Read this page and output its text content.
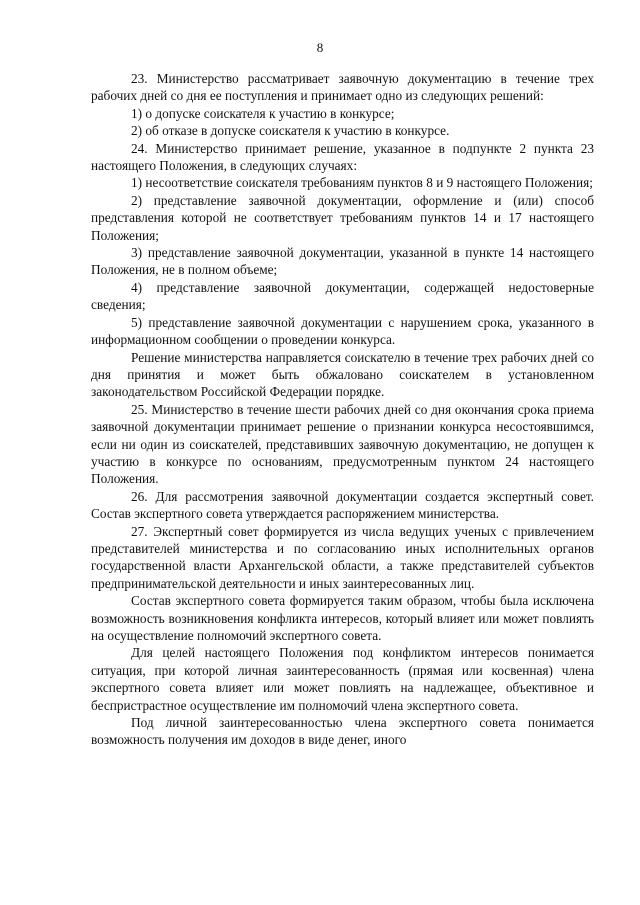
8

23. Министерство рассматривает заявочную документацию в течение трех рабочих дней со дня ее поступления и принимает одно из следующих решений:

1) о допуске соискателя к участию в конкурсе;

2) об отказе в допуске соискателя к участию в конкурсе.

24. Министерство принимает решение, указанное в подпункте 2 пункта 23 настоящего Положения, в следующих случаях:

1) несоответствие соискателя требованиям пунктов 8 и 9 настоящего Положения;

2) представление заявочной документации, оформление и (или) способ представления которой не соответствует требованиям пунктов 14 и 17 настоящего Положения;

3) представление заявочной документации, указанной в пункте 14 настоящего Положения, не в полном объеме;

4) представление заявочной документации, содержащей недостоверные сведения;

5) представление заявочной документации с нарушением срока, указанного в информационном сообщении о проведении конкурса.

Решение министерства направляется соискателю в течение трех рабочих дней со дня принятия и может быть обжаловано соискателем в установленном законодательством Российской Федерации порядке.

25. Министерство в течение шести рабочих дней со дня окончания срока приема заявочной документации принимает решение о признании конкурса несостоявшимся, если ни один из соискателей, представивших заявочную документацию, не допущен к участию в конкурсе по основаниям, предусмотренным пунктом 24 настоящего Положения.

26. Для рассмотрения заявочной документации создается экспертный совет. Состав экспертного совета утверждается распоряжением министерства.

27. Экспертный совет формируется из числа ведущих ученых с привлечением представителей министерства и по согласованию иных исполнительных органов государственной власти Архангельской области, а также представителей субъектов предпринимательской деятельности и иных заинтересованных лиц.

Состав экспертного совета формируется таким образом, чтобы была исключена возможность возникновения конфликта интересов, который влияет или может повлиять на осуществление полномочий экспертного совета.

Для целей настоящего Положения под конфликтом интересов понимается ситуация, при которой личная заинтересованность (прямая или косвенная) члена экспертного совета влияет или может повлиять на надлежащее, объективное и беспристрастное осуществление им полномочий члена экспертного совета.

Под личной заинтересованностью члена экспертного совета понимается возможность получения им доходов в виде денег, иного
